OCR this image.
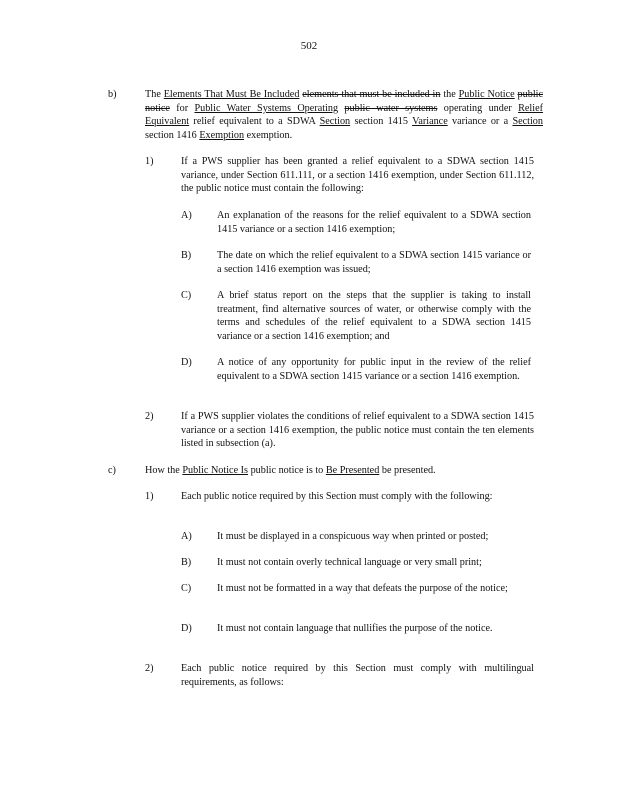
502
b)	The Elements That Must Be Included elements that must be included in the Public Notice public notice for Public Water Systems Operating public water systems operating under Relief Equivalent relief equivalent to a SDWA Section section 1415 Variance variance or a Section section 1416 Exemption exemption.
1)	If a PWS supplier has been granted a relief equivalent to a SDWA section 1415 variance, under Section 611.111, or a section 1416 exemption, under Section 611.112, the public notice must contain the following:
A) An explanation of the reasons for the relief equivalent to a SDWA section 1415 variance or a section 1416 exemption;
B)	The date on which the relief equivalent to a SDWA section 1415 variance or a section 1416 exemption was issued;
C)	A brief status report on the steps that the supplier is taking to install treatment, find alternative sources of water, or otherwise comply with the terms and schedules of the relief equivalent to a SDWA section 1415 variance or a section 1416 exemption; and
D) A notice of any opportunity for public input in the review of the relief equivalent to a SDWA section 1415 variance or a section 1416 exemption.
2)	If a PWS supplier violates the conditions of relief equivalent to a SDWA section 1415 variance or a section 1416 exemption, the public notice must contain the ten elements listed in subsection (a).
c)	How the Public Notice Is public notice is to Be Presented be presented.
1)	Each public notice required by this Section must comply with the following:
A) It must be displayed in a conspicuous way when printed or posted;
B)	It must not contain overly technical language or very small print;
C)	It must not be formatted in a way that defeats the purpose of the notice;
D) It must not contain language that nullifies the purpose of the notice.
2)	Each public notice required by this Section must comply with multilingual requirements, as follows:
